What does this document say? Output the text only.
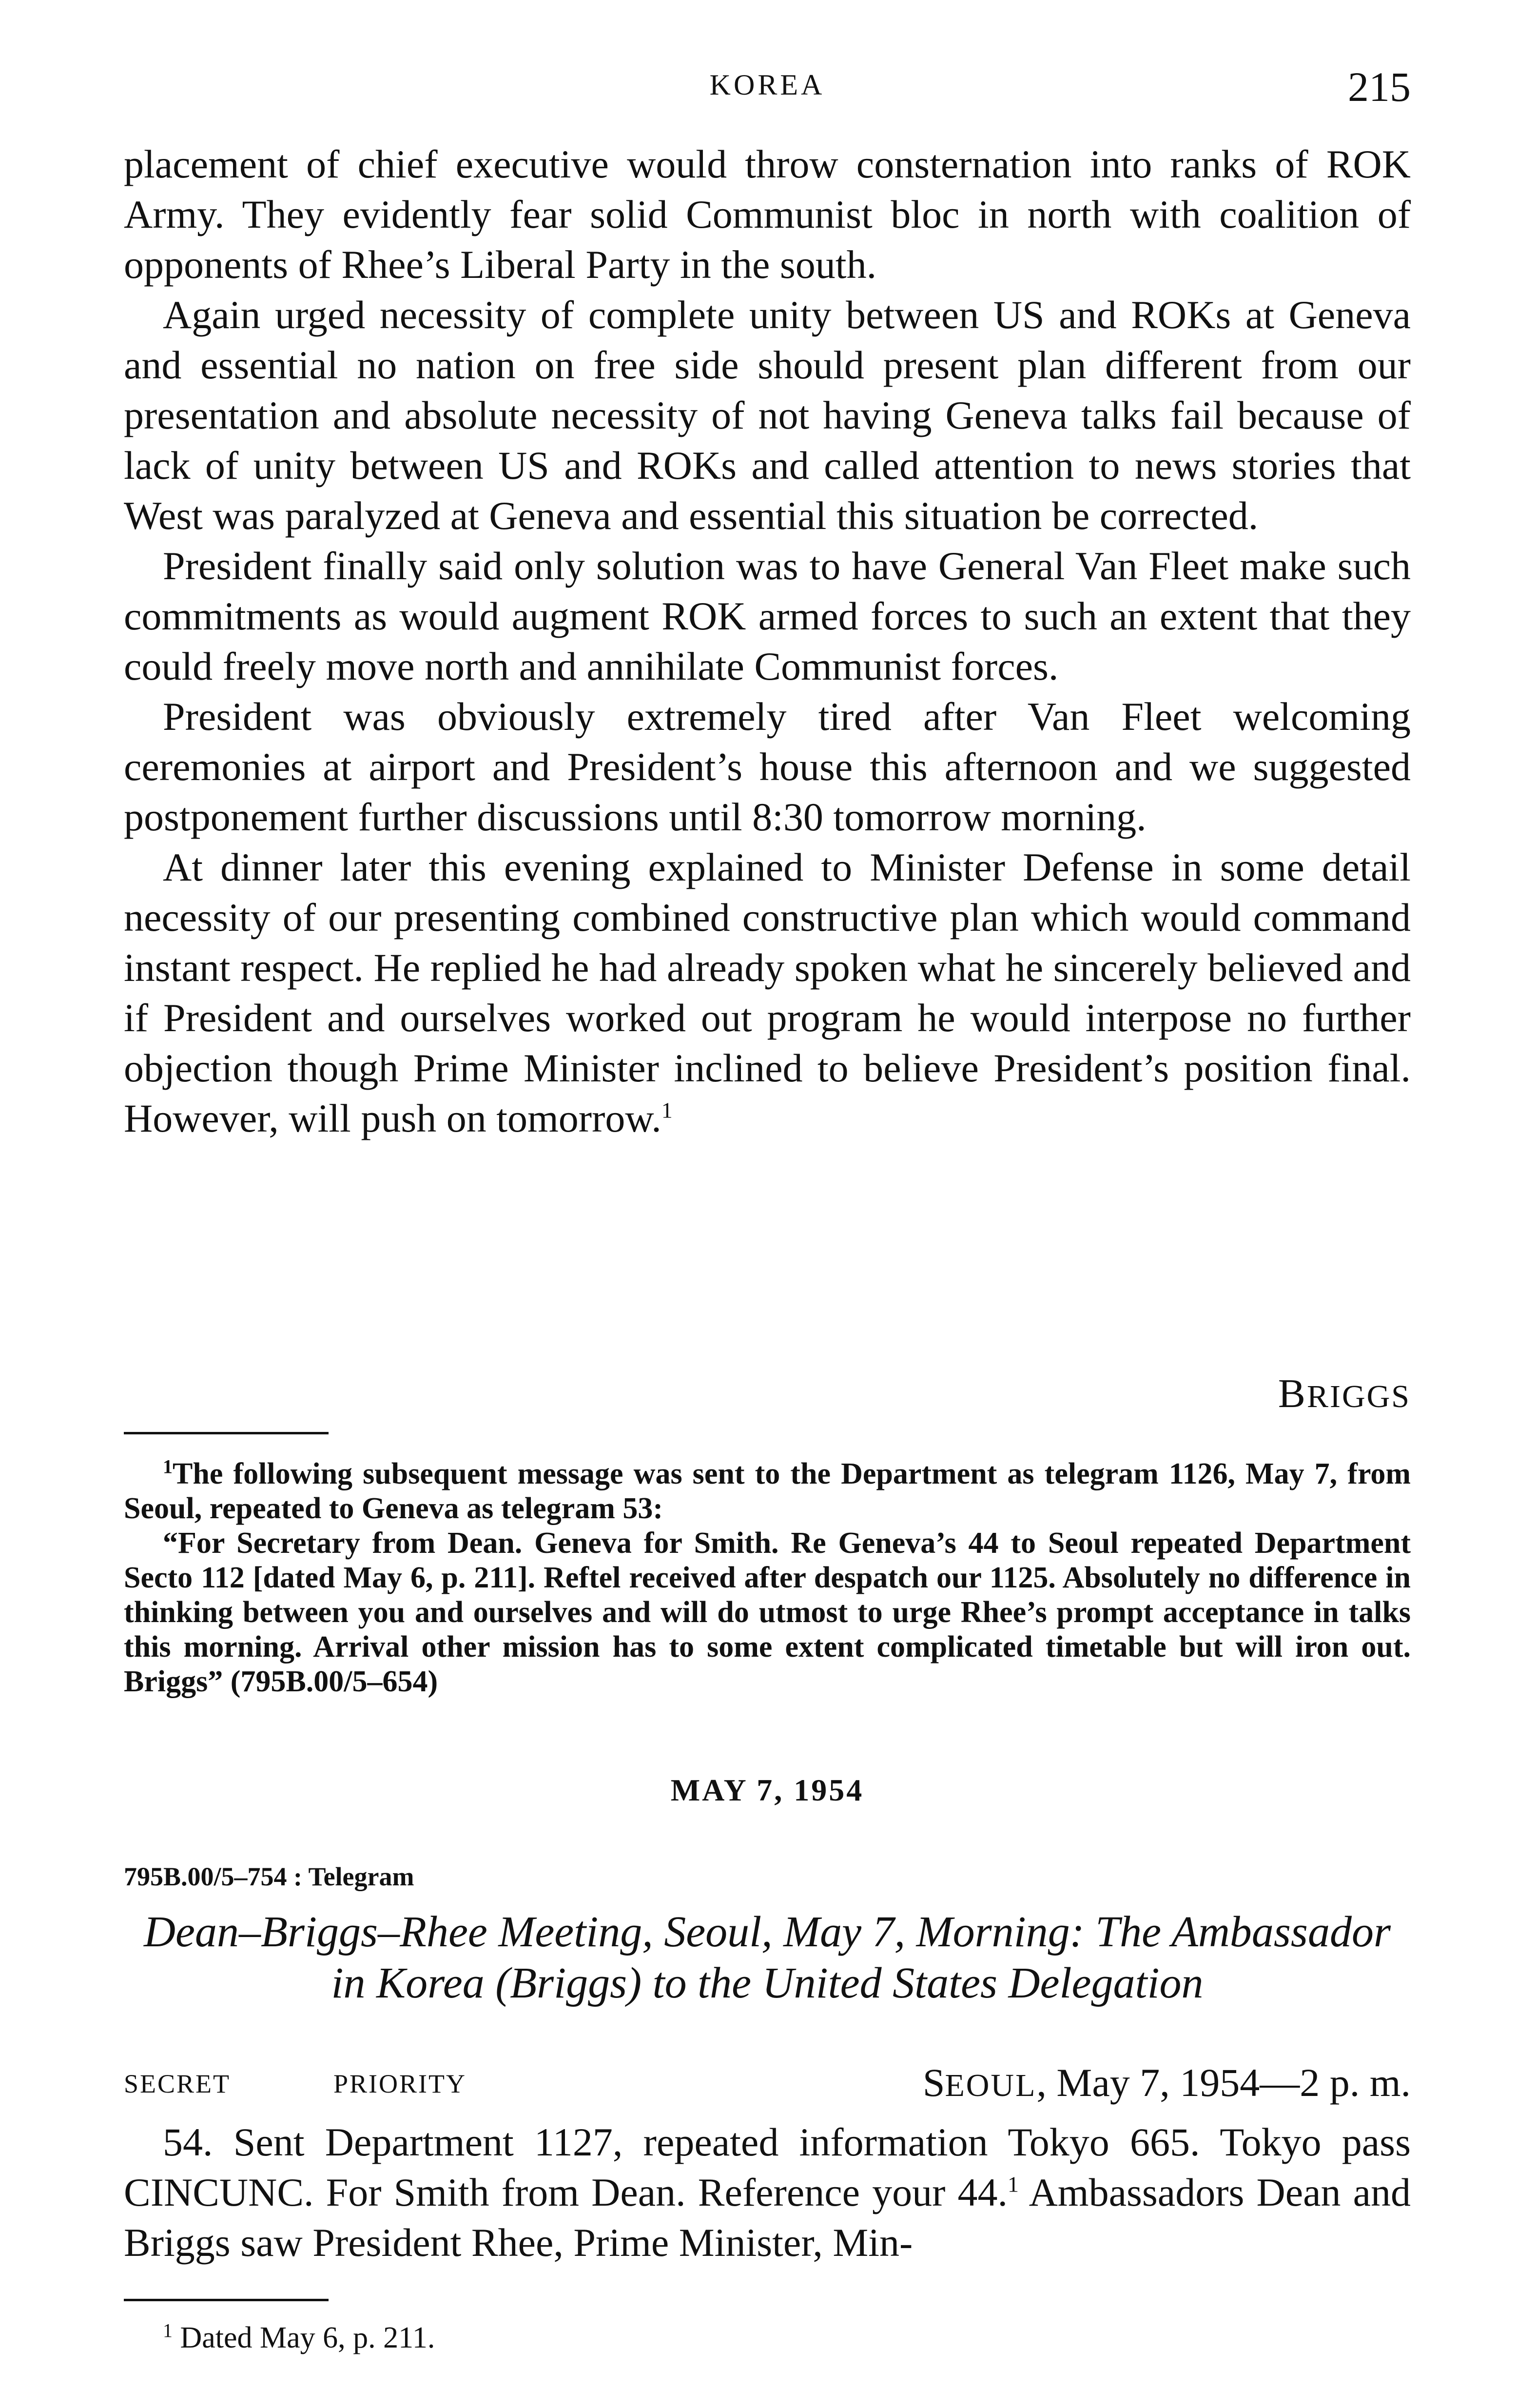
KOREA	215

placement of chief executive would throw consternation into ranks of ROK Army. They evidently fear solid Communist bloc in north with coalition of opponents of Rhee’s Liberal Party in the south.

Again urged necessity of complete unity between US and ROKs at Geneva and essential no nation on free side should present plan different from our presentation and absolute necessity of not having Geneva talks fail because of lack of unity between US and ROKs and called attention to news stories that West was paralyzed at Geneva and essential this situation be corrected.

President finally said only solution was to have General Van Fleet make such commitments as would augment ROK armed forces to such an extent that they could freely move north and annihilate Communist forces.

President was obviously extremely tired after Van Fleet welcoming ceremonies at airport and President’s house this afternoon and we suggested postponement further discussions until 8:30 tomorrow morning.

At dinner later this evening explained to Minister Defense in some detail necessity of our presenting combined constructive plan which would command instant respect. He replied he had already spoken what he sincerely believed and if President and ourselves worked out program he would interpose no further objection though Prime Minister inclined to believe President’s position final. However, will push on tomorrow.$^1$

BRIGGS

$^1$The following subsequent message was sent to the Department as telegram 1126, May 7, from Seoul, repeated to Geneva as telegram 53:

“For Secretary from Dean. Geneva for Smith. Re Geneva’s 44 to Seoul repeated Department Secto 112 [dated May 6, p. 211]. Reftel received after despatch our 1125. Absolutely no difference in thinking between you and ourselves and will do utmost to urge Rhee’s prompt acceptance in talks this morning. Arrival other mission has to some extent complicated timetable but will iron out. Briggs” (795B.00/5–654)

MAY 7, 1954
795B.00/5–754 : Telegram
Dean–Briggs–Rhee Meeting, Seoul, May 7, Morning: The Ambassador in Korea (Briggs) to the United States Delegation
SECRET	PRIORITY	SEOUL, May 7, 1954—2 p. m.

54. Sent Department 1127, repeated information Tokyo 665. Tokyo pass CINCUNC. For Smith from Dean. Reference your 44.$^1$ Ambassadors Dean and Briggs saw President Rhee, Prime Minister, Min-

$^1$ Dated May 6, p. 211.
